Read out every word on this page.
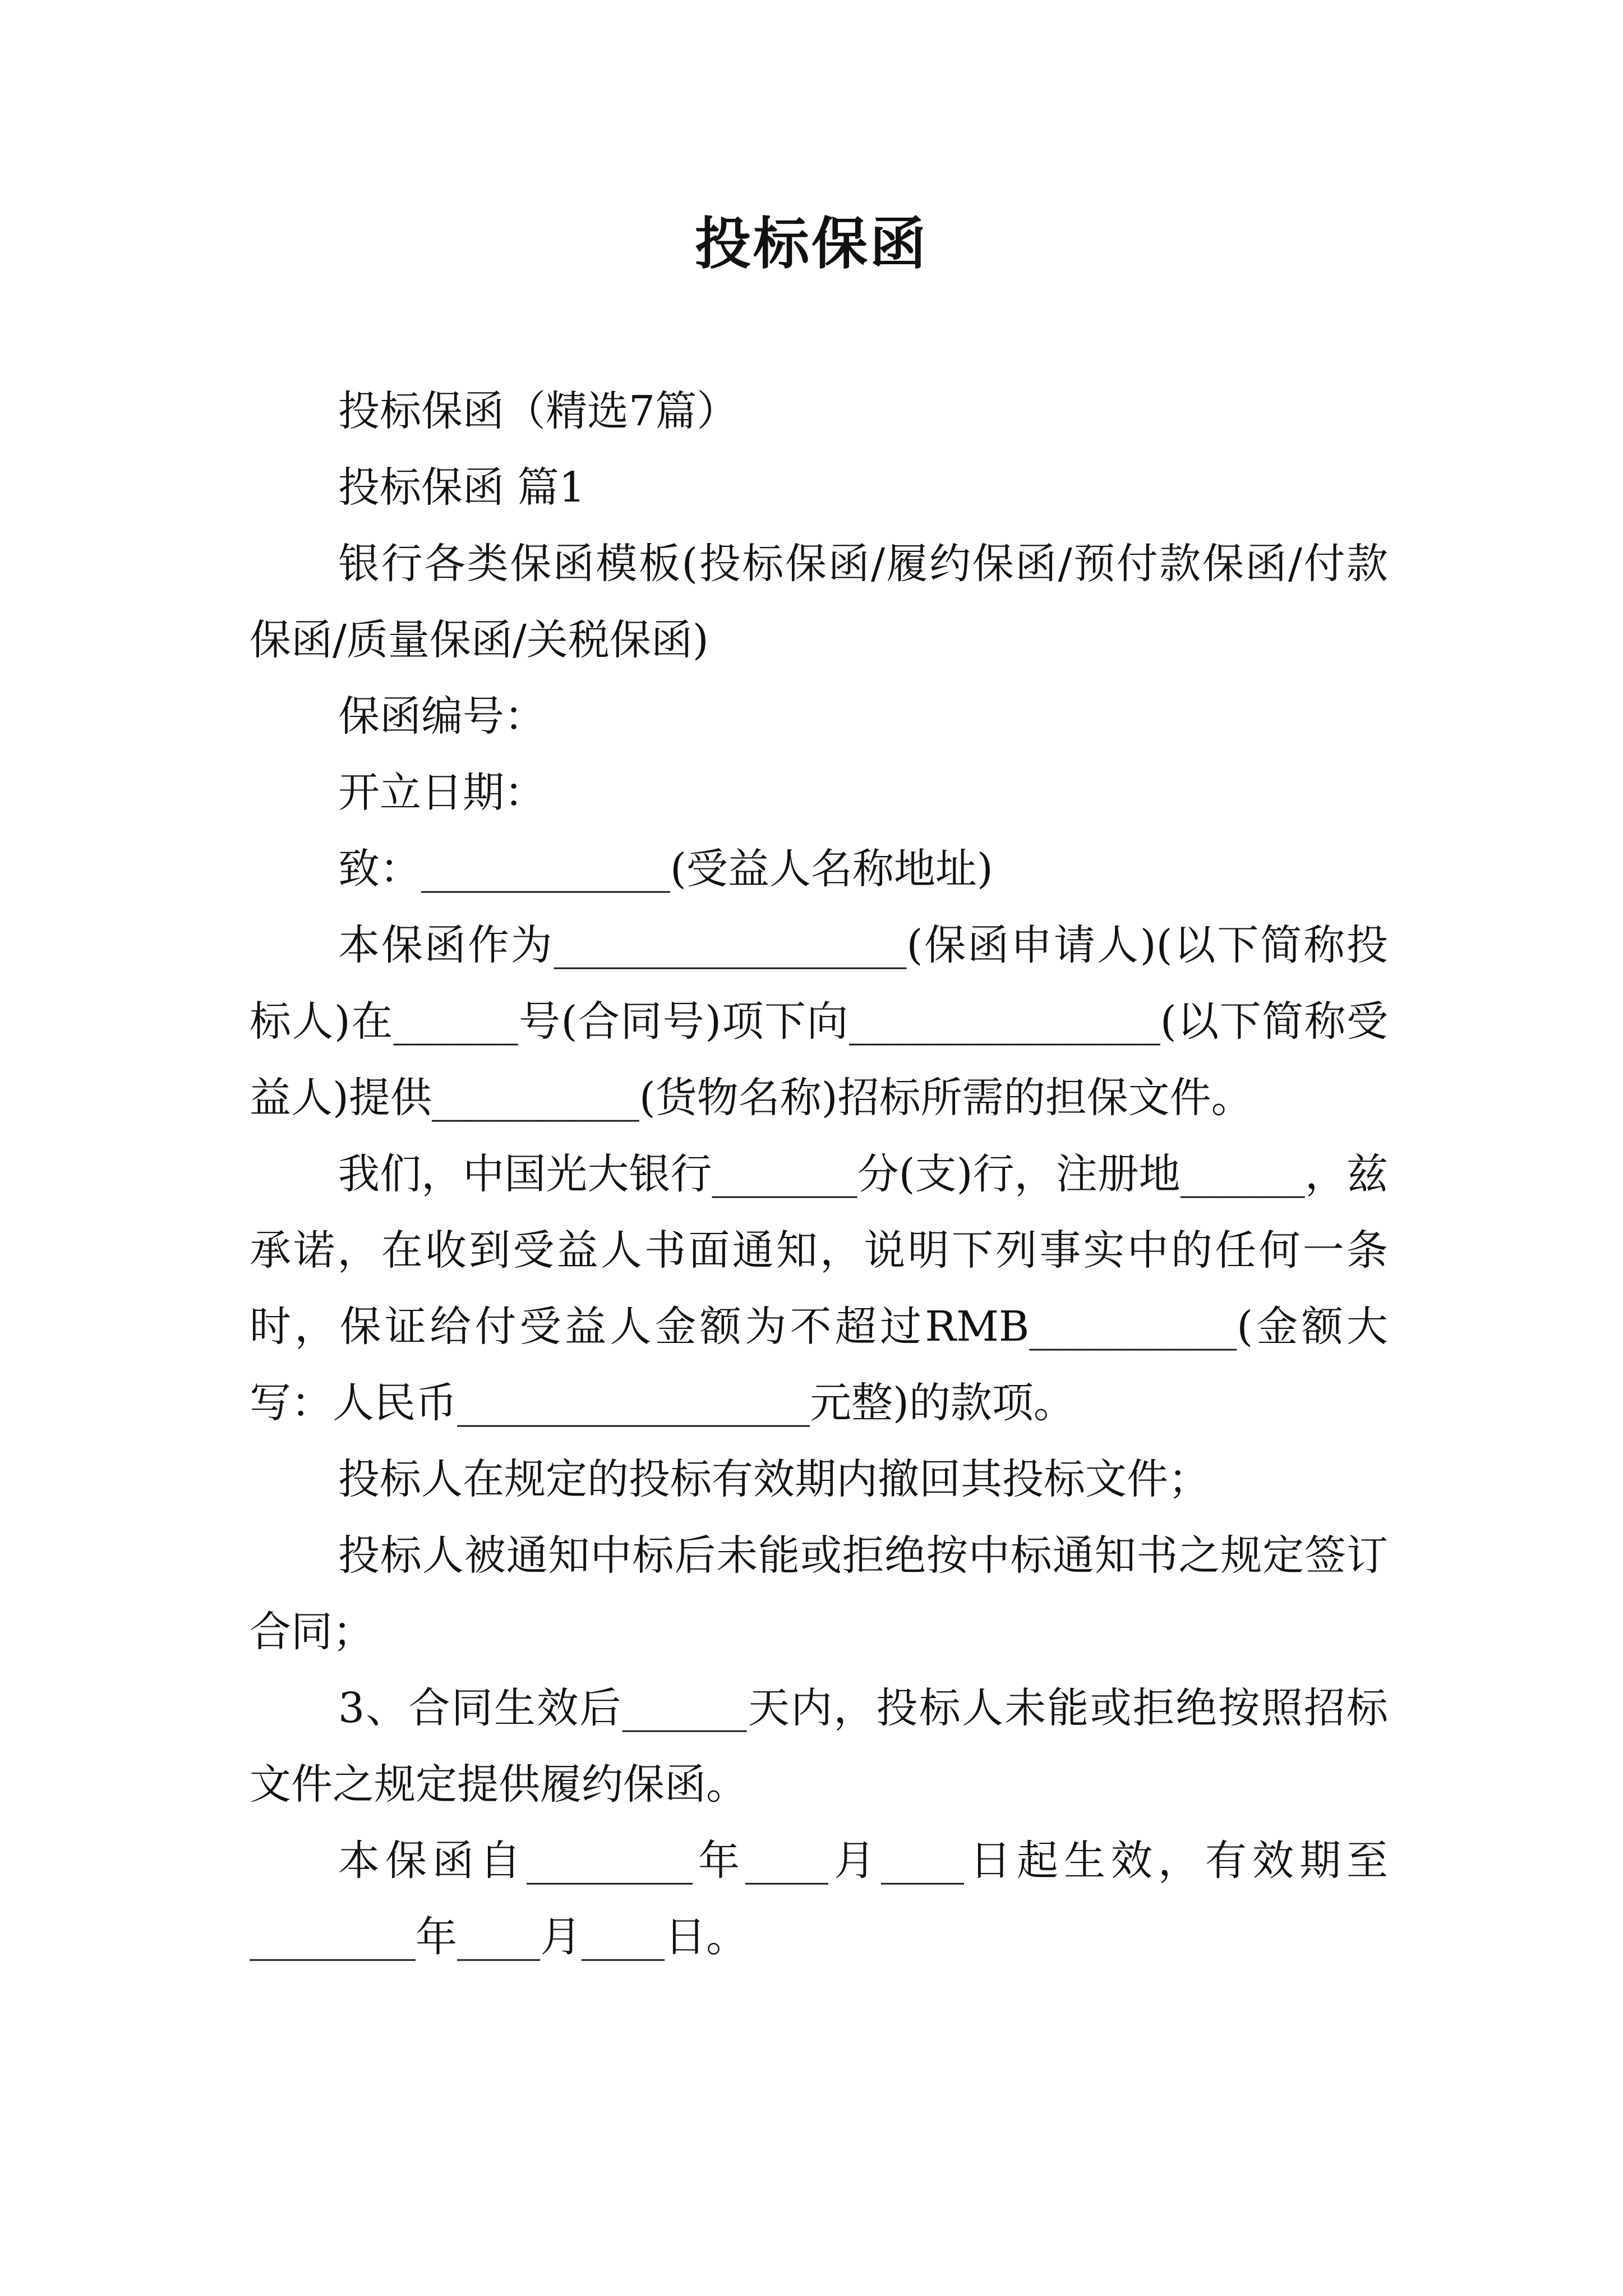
投标保函

投标保函（精选7篇）

投标保函 篇1

银行各类保函模板(投标保函/履约保函/预付款保函/付款保函/质量保函/关税保函)

保函编号：

开立日期：

致：____________(受益人名称地址)

本保函作为_________________(保函申请人)(以下简称投标人)在______号(合同号)项下向_______________(以下简称受益人)提供__________(货物名称)招标所需的担保文件。

我们，中国光大银行_______分(支)行，注册地______，兹承诺，在收到受益人书面通知，说明下列事实中的任何一条时，保证给付受益人金额为不超过RMB__________(金额大写：人民币_________________元整)的款项。

投标人在规定的投标有效期内撤回其投标文件；

投标人被通知中标后未能或拒绝按中标通知书之规定签订合同；

3、合同生效后______天内，投标人未能或拒绝按照招标文件之规定提供履约保函。

本保函自________年____月____日起生效，有效期至________年____月____日。
